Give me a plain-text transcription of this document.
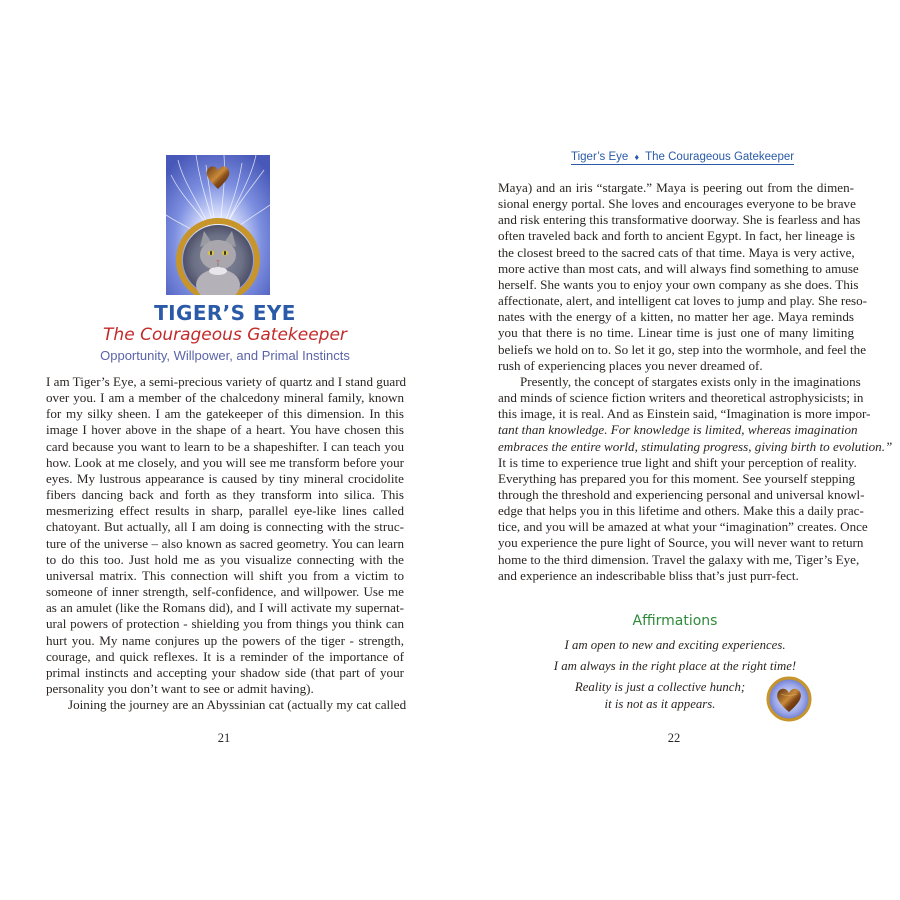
TIGER’S EYE
The Courageous Gatekeeper
Opportunity, Willpower, and Primal Instincts
I am Tiger’s Eye, a semi-precious variety of quartz and I stand guard
over you. I am a member of the chalcedony mineral family, known
for my silky sheen. I am the gatekeeper of this dimension. In this
image I hover above in the shape of a heart. You have chosen this
card because you want to learn to be a shapeshifter. I can teach you
how. Look at me closely, and you will see me transform before your
eyes. My lustrous appearance is caused by tiny mineral crocidolite
fibers dancing back and forth as they transform into silica. This
mesmerizing effect results in sharp, parallel eye-like lines called
chatoyant. But actually, all I am doing is connecting with the struc-
ture of the universe – also known as sacred geometry. You can learn
to do this too. Just hold me as you visualize connecting with the
universal matrix. This connection will shift you from a victim to
someone of inner strength, self-confidence, and willpower. Use me
as an amulet (like the Romans did), and I will activate my supernat-
ural powers of protection - shielding you from things you think can
hurt you. My name conjures up the powers of the tiger - strength,
courage, and quick reflexes. It is a reminder of the importance of
primal instincts and accepting your shadow side (that part of your
personality you don’t want to see or admit having).
Joining the journey are an Abyssinian cat (actually my cat called
21
Tiger’s Eye ♦ The Courageous Gatekeeper
Maya) and an iris “stargate.” Maya is peering out from the dimen-
sional energy portal. She loves and encourages everyone to be brave
and risk entering this transformative doorway. She is fearless and has
often traveled back and forth to ancient Egypt. In fact, her lineage is
the closest breed to the sacred cats of that time. Maya is very active,
more active than most cats, and will always find something to amuse
herself. She wants you to enjoy your own company as she does. This
affectionate, alert, and intelligent cat loves to jump and play. She reso-
nates with the energy of a kitten, no matter her age. Maya reminds
you that there is no time. Linear time is just one of many limiting
beliefs we hold on to. So let it go, step into the wormhole, and feel the
rush of experiencing places you never dreamed of.
Presently, the concept of stargates exists only in the imaginations
and minds of science fiction writers and theoretical astrophysicists; in
this image, it is real. And as Einstein said, “Imagination is more impor-
tant than knowledge. For knowledge is limited, whereas imagination
embraces the entire world, stimulating progress, giving birth to evolution.”
It is time to experience true light and shift your perception of reality.
Everything has prepared you for this moment. See yourself stepping
through the threshold and experiencing personal and universal knowl-
edge that helps you in this lifetime and others. Make this a daily prac-
tice, and you will be amazed at what your “imagination” creates. Once
you experience the pure light of Source, you will never want to return
home to the third dimension. Travel the galaxy with me, Tiger’s Eye,
and experience an indescribable bliss that’s just purr-fect.
Affirmations
I am open to new and exciting experiences.
I am always in the right place at the right time!
Reality is just a collective hunch;
it is not as it appears.
22
